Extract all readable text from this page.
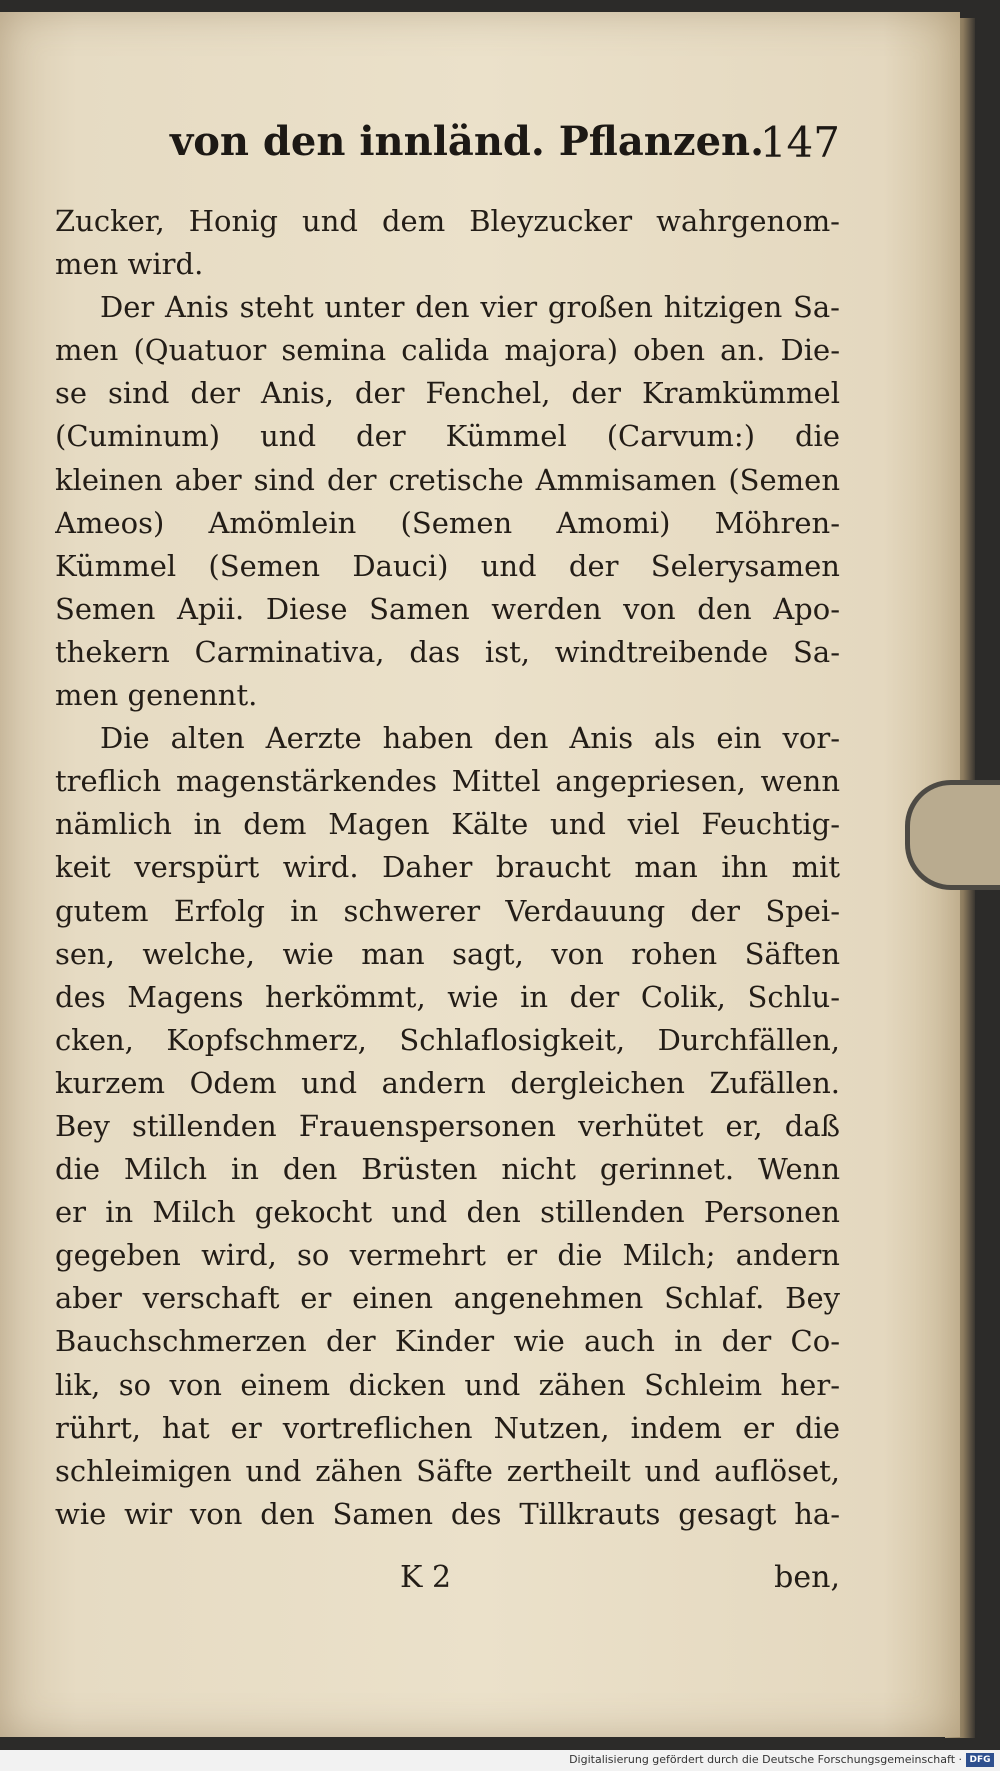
von den innländ. Pflanzen.
147
Zucker, Honig und dem Bleyzucker wahrgenom-
men wird.
Der Anis steht unter den vier großen hitzigen Sa-
men (Quatuor semina calida majora) oben an. Die-
se sind der Anis, der Fenchel, der Kramkümmel
(Cuminum) und der Kümmel (Carvum:) die
kleinen aber sind der cretische Ammisamen (Semen
Ameos) Amömlein (Semen Amomi) Möhren-
Kümmel (Semen Dauci) und der Selerysamen
Semen Apii. Diese Samen werden von den Apo-
thekern Carminativa, das ist, windtreibende Sa-
men genennt.
Die alten Aerzte haben den Anis als ein vor-
treflich magenstärkendes Mittel angepriesen, wenn
nämlich in dem Magen Kälte und viel Feuchtig-
keit verspürt wird. Daher braucht man ihn mit
gutem Erfolg in schwerer Verdauung der Spei-
sen, welche, wie man sagt, von rohen Säften
des Magens herkömmt, wie in der Colik, Schlu-
cken, Kopfschmerz, Schlaflosigkeit, Durchfällen,
kurzem Odem und andern dergleichen Zufällen.
Bey stillenden Frauenspersonen verhütet er, daß
die Milch in den Brüsten nicht gerinnet. Wenn
er in Milch gekocht und den stillenden Personen
gegeben wird, so vermehrt er die Milch; andern
aber verschaft er einen angenehmen Schlaf. Bey
Bauchschmerzen der Kinder wie auch in der Co-
lik, so von einem dicken und zähen Schleim her-
rührt, hat er vortreflichen Nutzen, indem er die
schleimigen und zähen Säfte zertheilt und auflöset,
wie wir von den Samen des Tillkrauts gesagt ha-
K 2	ben,
Digitalisierung gefördert durch die Deutsche Forschungsgemeinschaft · DFG
